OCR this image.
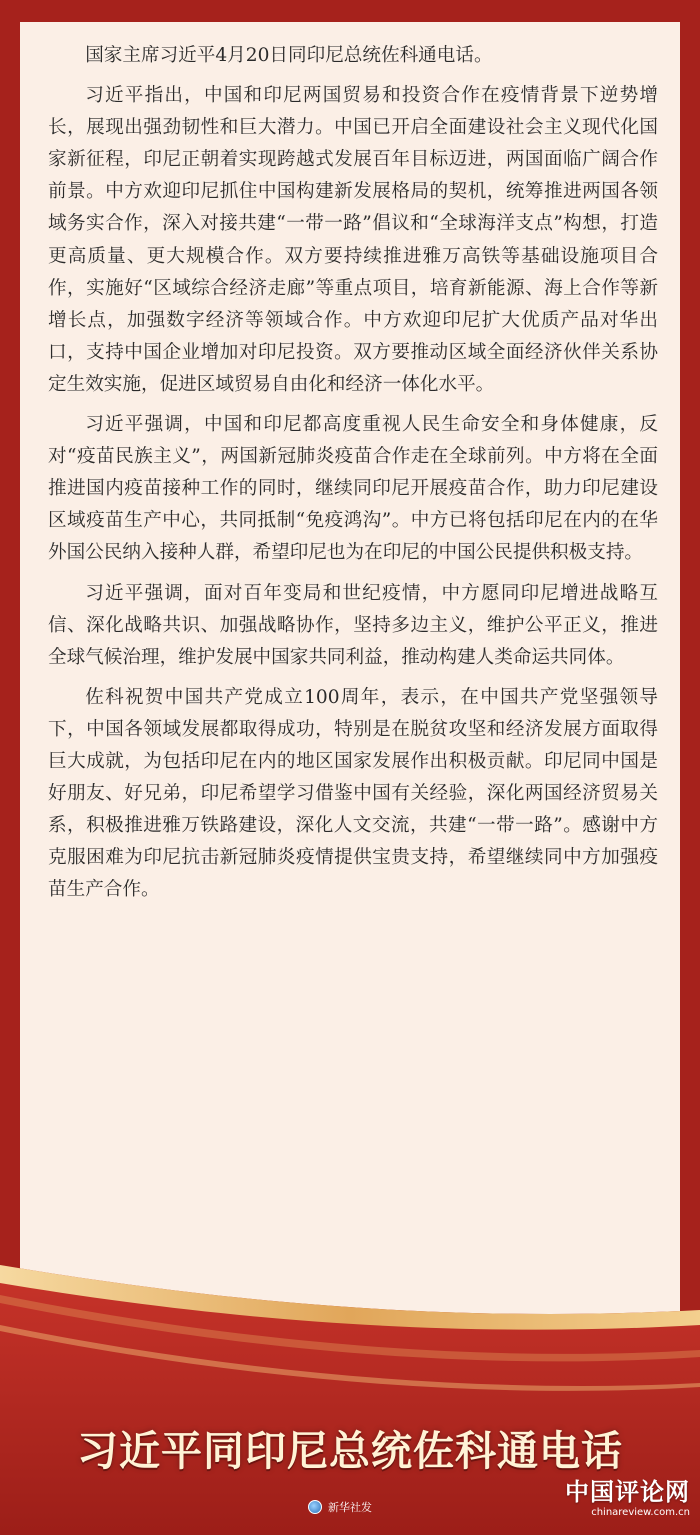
国家主席习近平4月20日同印尼总统佐科通电话。

习近平指出，中国和印尼两国贸易和投资合作在疫情背景下逆势增长，展现出强劲韧性和巨大潜力。中国已开启全面建设社会主义现代化国家新征程，印尼正朝着实现跨越式发展百年目标迈进，两国面临广阔合作前景。中方欢迎印尼抓住中国构建新发展格局的契机，统筹推进两国各领域务实合作，深入对接共建“一带一路”倡议和“全球海洋支点”构想，打造更高质量、更大规模合作。双方要持续推进雅万高铁等基础设施项目合作，实施好“区域综合经济走廊”等重点项目，培育新能源、海上合作等新增长点，加强数字经济等领域合作。中方欢迎印尼扩大优质产品对华出口，支持中国企业增加对印尼投资。双方要推动区域全面经济伙伴关系协定生效实施，促进区域贸易自由化和经济一体化水平。

习近平强调，中国和印尼都高度重视人民生命安全和身体健康，反对“疫苗民族主义”，两国新冠肺炎疫苗合作走在全球前列。中方将在全面推进国内疫苗接种工作的同时，继续同印尼开展疫苗合作，助力印尼建设区域疫苗生产中心，共同抵制“免疫鸿沟”。中方已将包括印尼在内的在华外国公民纳入接种人群，希望印尼也为在印尼的中国公民提供积极支持。

习近平强调，面对百年变局和世纪疫情，中方愿同印尼增进战略互信、深化战略共识、加强战略协作，坚持多边主义，维护公平正义，推进全球气候治理，维护发展中国家共同利益，推动构建人类命运共同体。

佐科祝贺中国共产党成立100周年，表示，在中国共产党坚强领导下，中国各领域发展都取得成功，特别是在脱贫攻坚和经济发展方面取得巨大成就，为包括印尼在内的地区国家发展作出积极贡献。印尼同中国是好朋友、好兄弟，印尼希望学习借鉴中国有关经验，深化两国经济贸易关系，积极推进雅万铁路建设，深化人文交流，共建“一带一路”。感谢中方克服困难为印尼抗击新冠肺炎疫情提供宝贵支持，希望继续同中方加强疫苗生产合作。

习近平同印尼总统佐科通电话
新华社发
中国评论网
chinareview.com.cn
